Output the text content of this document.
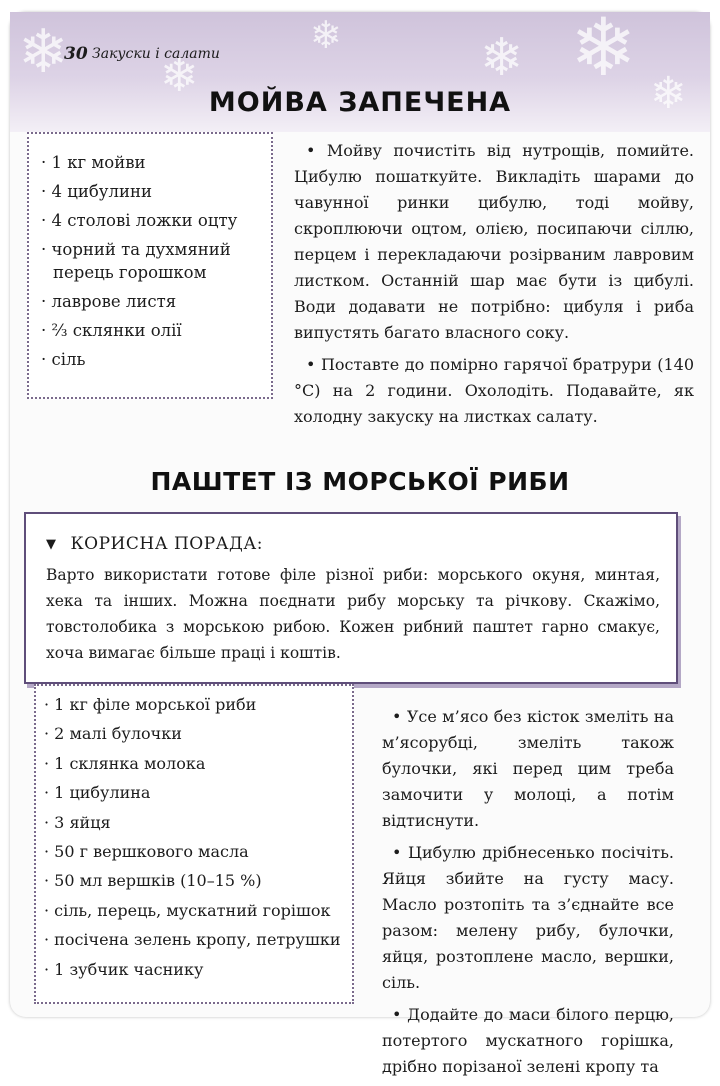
❄ ❄
❄	❄ ❄ ❄
30 Закуски і салати
МОЙВА ЗАПЕЧЕНА
· 1 кг мойви
· 4 цибулини
· 4 столові ложки оцту
· чорний та духмяний
перець горошком
· лаврове листя
· ⅔ склянки олії
· сіль

• Мойву почистіть від нутрощів, помийте. Цибулю пошаткуйте. Викладіть шарами до чавунної ринки цибулю, тоді мойву, скроплюючи оцтом, олією, посипаючи сіллю, перцем і перекладаючи розірваним лавровим листком. Останній шар має бути із цибулі. Води додавати не потрібно: цибуля і риба випустять багато власного соку.

• Поставте до помірно гарячої братрури (140 °С) на 2 години. Охолодіть. Подавайте, як холодну закуску на листках салату.

ПАШТЕТ ІЗ МОРСЬКОЇ РИБИ
▼ КОРИСНА ПОРАДА:
Варто використати готове філе різної риби: морського окуня, минтая, хека та інших. Можна поєднати рибу морську та річкову. Скажімо, товстолобика з морською рибою. Кожен рибний паштет гарно смакує, хоча вимагає більше праці і коштів.
· 1 кг філе морської риби
· 2 малі булочки
· 1 склянка молока
· 1 цибулина
· 3 яйця
· 50 г вершкового масла
· 50 мл вершків (10–15 %)
· сіль, перець, мускатний горішок
· посічена зелень кропу, петрушки
· 1 зубчик часнику

• Усе м’ясо без кісток змеліть на м’ясорубці, змеліть також булочки, які перед цим треба замочити у молоці, а потім відтиснути.

• Цибулю дрібнесенько посічіть. Яйця збийте на густу масу. Масло розтопіть та з’єднайте все разом: мелену рибу, булочки, яйця, розтоплене масло, вершки, сіль.

• Додайте до маси білого перцю, потертого мускатного горішка, дрібно порізаної зелені кропу та
